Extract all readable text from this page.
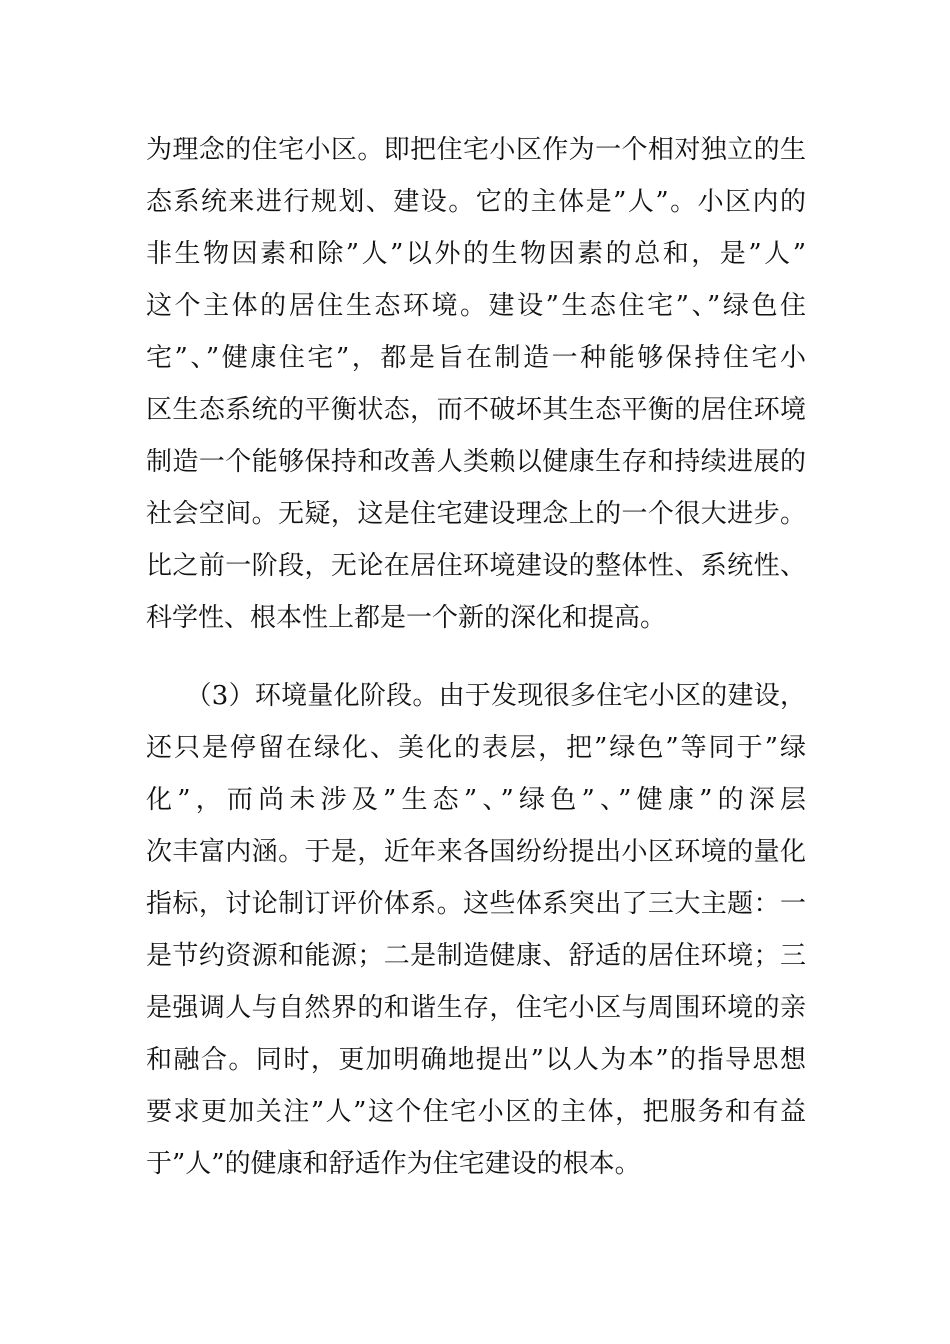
为理念的住宅小区。即把住宅小区作为一个相对独立的生
态系统来进行规划、建设。它的主体是”人”。小区内的
非生物因素和除”人”以外的生物因素的总和，是”人”
这个主体的居住生态环境。建设”生态住宅”、”绿色住
宅”、”健康住宅”，都是旨在制造一种能够保持住宅小
区生态系统的平衡状态，而不破坏其生态平衡的居住环境
制造一个能够保持和改善人类赖以健康生存和持续进展的
社会空间。无疑，这是住宅建设理念上的一个很大进步。
比之前一阶段，无论在居住环境建设的整体性、系统性、
科学性、根本性上都是一个新的深化和提高。
　　（3）环境量化阶段。由于发现很多住宅小区的建设，
还只是停留在绿化、美化的表层，把”绿色”等同于”绿
化”，而尚未涉及”生态”、”绿色”、”健康”的深层
次丰富内涵。于是，近年来各国纷纷提出小区环境的量化
指标，讨论制订评价体系。这些体系突出了三大主题：一
是节约资源和能源；二是制造健康、舒适的居住环境；三
是强调人与自然界的和谐生存，住宅小区与周围环境的亲
和融合。同时，更加明确地提出”以人为本”的指导思想
要求更加关注”人”这个住宅小区的主体，把服务和有益
于”人”的健康和舒适作为住宅建设的根本。
